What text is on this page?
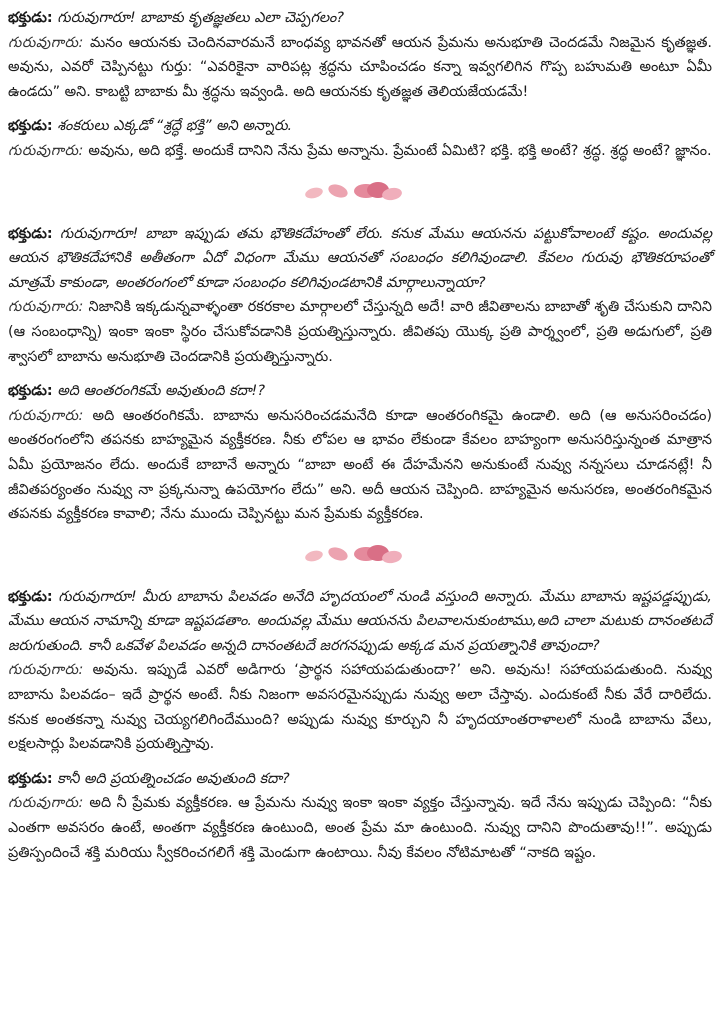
భక్తుడు: గురువుగారూ! బాబాకు కృతజ్ఞతలు ఎలా చెప్పగలం?

గురువుగారు: మనం ఆయనకు చెందినవారమనే బాంధవ్య భావనతో ఆయన ప్రేమను అనుభూతి చెందడమే నిజమైన కృతజ్ఞత. అవును, ఎవరో చెప్పినట్టు గుర్తు: “ఎవరికైనా వారిపట్ల శ్రద్ధను చూపించడం కన్నా ఇవ్వగలిగిన గొప్ప బహుమతి అంటూ ఏమీ ఉండదు” అని. కాబట్టి బాబాకు మీ శ్రద్ధను ఇవ్వండి. అది ఆయనకు కృతజ్ఞత తెలియజేయడమే!

భక్తుడు: శంకరులు ఎక్కడో “శ్రద్ధే భక్తి” అని అన్నారు.

గురువుగారు: అవును, అది భక్తే. అందుకే దానిని నేను ప్రేమ అన్నాను. ప్రేమంటే ఏమిటి? భక్తి. భక్తి అంటే? శ్రద్ధ. శ్రద్ధ అంటే? జ్ఞానం.

భక్తుడు: గురువుగారూ! బాబా ఇప్పుడు తమ భౌతికదేహంతో లేరు. కనుక మేము ఆయనను పట్టుకోవాలంటే కష్టం. అందువల్ల ఆయన భౌతికదేహానికి అతీతంగా ఏదో విధంగా మేము ఆయనతో సంబంధం కలిగివుండాలి. కేవలం గురువు భౌతికరూపంతో మాత్రమే కాకుండా, అంతరంగంలో కూడా సంబంధం కలిగివుండటానికి మార్గాలున్నాయా?

గురువుగారు: నిజానికి ఇక్కడున్నవాళ్ళంతా రకరకాల మార్గాలలో చేస్తున్నది అదే! వారి జీవితాలను బాబాతో శృతి చేసుకుని దానిని (ఆ సంబంధాన్ని) ఇంకా ఇంకా స్థిరం చేసుకోవడానికి ప్రయత్నిస్తున్నారు. జీవితపు యొక్క ప్రతి పార్శ్వంలో, ప్రతి అడుగులో, ప్రతి శ్వాసలో బాబాను అనుభూతి చెందడానికి ప్రయత్నిస్తున్నారు.

భక్తుడు: అది ఆంతరంగికమే అవుతుంది కదా!?

గురువుగారు: అది ఆంతరంగికమే. బాబాను అనుసరించడమనేది కూడా ఆంతరంగికమై ఉండాలి. అది (ఆ అనుసరించడం) అంతరంగంలోని తపనకు బాహ్యమైన వ్యక్తీకరణ. నీకు లోపల ఆ భావం లేకుండా కేవలం బాహ్యంగా అనుసరిస్తున్నంత మాత్రాన ఏమీ ప్రయోజనం లేదు. అందుకే బాబానే అన్నారు “బాబా అంటే ఈ దేహమేనని అనుకుంటే నువ్వు నన్నసలు చూడనట్లే! నీ జీవితపర్యంతం నువ్వు నా ప్రక్కనున్నా ఉపయోగం లేదు” అని. అదీ ఆయన చెప్పింది. బాహ్యమైన అనుసరణ, అంతరంగికమైన తపనకు వ్యక్తీకరణ కావాలి; నేను ముందు చెప్పినట్టు మన ప్రేమకు వ్యక్తీకరణ.

భక్తుడు: గురువుగారూ! మీరు బాబాను పిలవడం అనేది హృదయంలో నుండి వస్తుంది అన్నారు. మేము బాబాను ఇష్టపడ్డప్పుడు, మేము ఆయన నామాన్ని కూడా ఇష్టపడతాం. అందువల్ల మేము ఆయనను పిలవాలనుకుంటాము,అది చాలా మటుకు దానంతటదే జరుగుతుంది. కానీ ఒకవేళ పిలవడం అన్నది దానంతటదే జరగనప్పుడు అక్కడ మన ప్రయత్నానికి తావుందా?

గురువుగారు: అవును. ఇప్పుడే ఎవరో అడిగారు ‘ప్రార్థన సహాయపడుతుందా?’ అని. అవును! సహాయపడుతుంది. నువ్వు బాబాను పిలవడం– ఇదే ప్రార్థన అంటే. నీకు నిజంగా అవసరమైనప్పుడు నువ్వు అలా చేస్తావు. ఎందుకంటే నీకు వేరే దారిలేదు. కనుక అంతకన్నా నువ్వు చెయ్యగలిగిందేముంది? అప్పుడు నువ్వు కూర్చుని నీ హృదయాంతరాళాలలో నుండి బాబాను వేలు, లక్షలసార్లు పిలవడానికి ప్రయత్నిస్తావు.

భక్తుడు: కానీ అది ప్రయత్నించడం అవుతుంది కదా?

గురువుగారు: అది నీ ప్రేమకు వ్యక్తీకరణ. ఆ ప్రేమను నువ్వు ఇంకా ఇంకా వ్యక్తం చేస్తున్నావు. ఇదే నేను ఇప్పుడు చెప్పింది: “నీకు ఎంతగా అవసరం ఉంటే, అంతగా వ్యక్తీకరణ ఉంటుంది, అంత ప్రేమ మా ఉంటుంది. నువ్వు దానిని పొందుతావు!!”. అప్పుడు ప్రతిస్పందించే శక్తి మరియు స్వీకరించగలిగే శక్తి మెండుగా ఉంటాయి. నీవు కేవలం నోటిమాటతో “నాకది ఇష్టం.
